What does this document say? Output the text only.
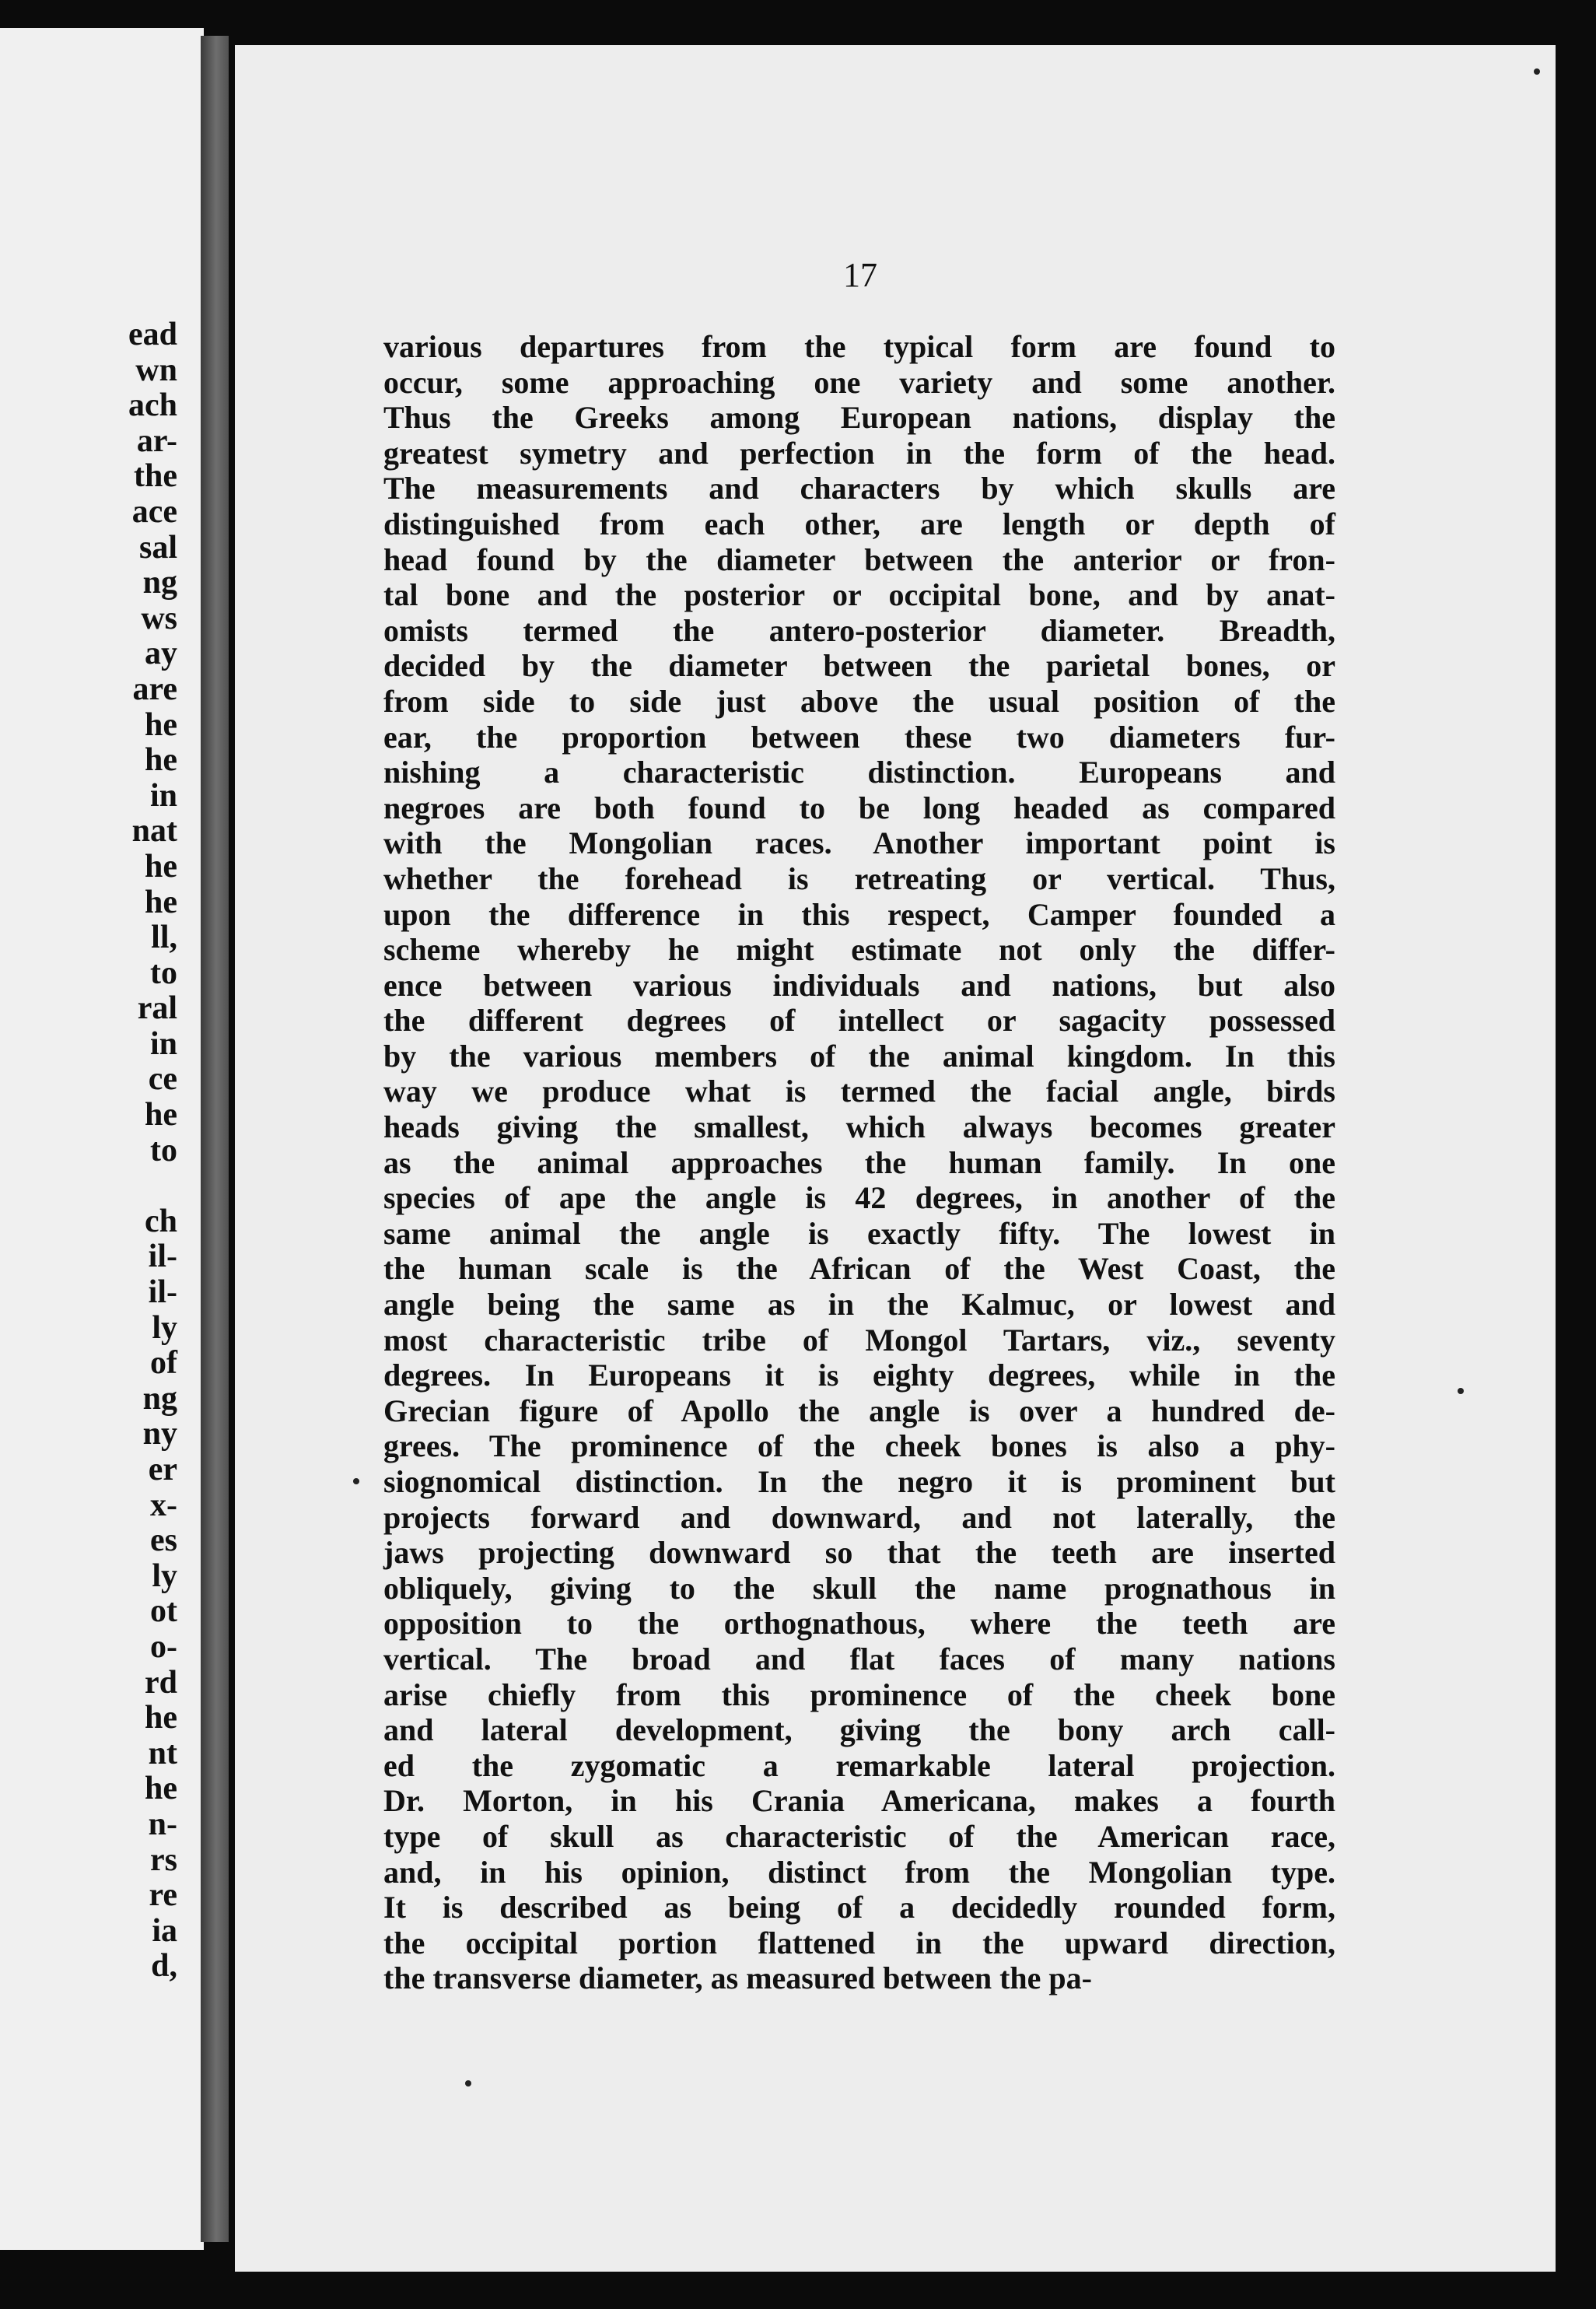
ead
wn
ach
ar-
the
ace
sal
ng
ws
ay
are
he
he
in
nat
he
he
ll,
to
ral
in
ce
he
to

ch
il-
il-
ly
of
ng
ny
er
x-
es
ly
ot
o-
rd
he
nt
he
n-
rs
re
ia
d,
17
various departures from the typical form are found to
occur, some approaching one variety and some another.
Thus the Greeks among European nations, display the
greatest symetry and perfection in the form of the head.
The measurements and characters by which skulls are
distinguished from each other, are length or depth of
head found by the diameter between the anterior or fron-
tal bone and the posterior or occipital bone, and by anat-
omists termed the antero-posterior diameter. Breadth,
decided by the diameter between the parietal bones, or
from side to side just above the usual position of the
ear, the proportion between these two diameters fur-
nishing a characteristic distinction. Europeans and
negroes are both found to be long headed as compared
with the Mongolian races. Another important point is
whether the forehead is retreating or vertical. Thus,
upon the difference in this respect, Camper founded a
scheme whereby he might estimate not only the differ-
ence between various individuals and nations, but also
the different degrees of intellect or sagacity possessed
by the various members of the animal kingdom. In this
way we produce what is termed the facial angle, birds
heads giving the smallest, which always becomes greater
as the animal approaches the human family. In one
species of ape the angle is 42 degrees, in another of the
same animal the angle is exactly fifty. The lowest in
the human scale is the African of the West Coast, the
angle being the same as in the Kalmuc, or lowest and
most characteristic tribe of Mongol Tartars, viz., seventy
degrees. In Europeans it is eighty degrees, while in the
Grecian figure of Apollo the angle is over a hundred de-
grees. The prominence of the cheek bones is also a phy-
siognomical distinction. In the negro it is prominent but
projects forward and downward, and not laterally, the
jaws projecting downward so that the teeth are inserted
obliquely, giving to the skull the name prognathous in
opposition to the orthognathous, where the teeth are
vertical. The broad and flat faces of many nations
arise chiefly from this prominence of the cheek bone
and lateral development, giving the bony arch call-
ed the zygomatic a remarkable lateral projection.
Dr. Morton, in his Crania Americana, makes a fourth
type of skull as characteristic of the American race,
and, in his opinion, distinct from the Mongolian type.
It is described as being of a decidedly rounded form,
the occipital portion flattened in the upward direction,
the transverse diameter, as measured between the pa-
